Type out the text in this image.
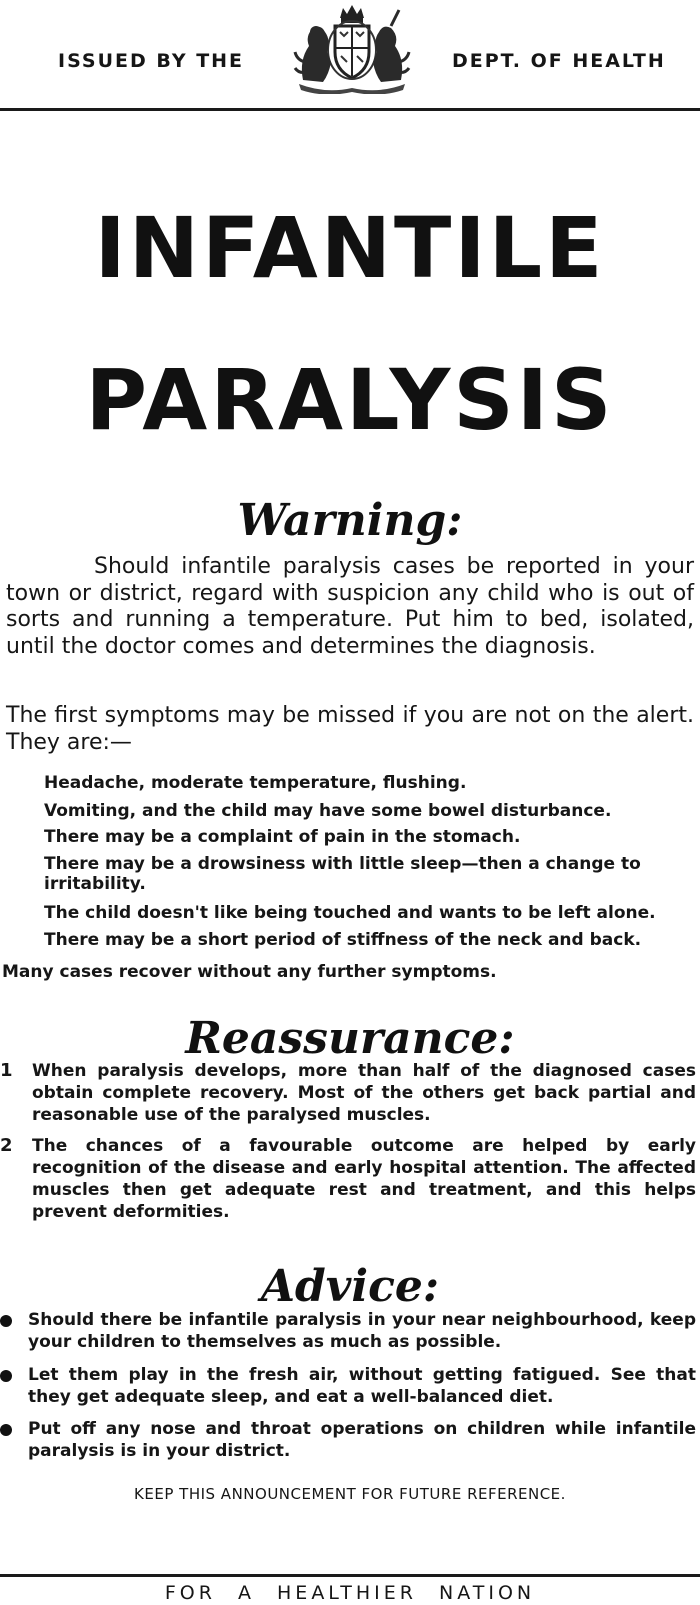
ISSUED BY THE	DEPT. OF HEALTH
INFANTILE
PARALYSIS
Warning:

Should infantile paralysis cases be reported in your town or district, regard with suspicion any child who is out of sorts and running a temperature. Put him to bed, isolated, until the doctor comes and determines the diagnosis.

The first symptoms may be missed if you are not on the alert. They are:—

Headache, moderate temperature, flushing.
Vomiting, and the child may have some bowel disturbance.
There may be a complaint of pain in the stomach.
There may be a drowsiness with little sleep—then a change to irritability.
The child doesn't like being touched and wants to be left alone.
There may be a short period of stiffness of the neck and back.
Many cases recover without any further symptoms.
Reassurance:
1	When paralysis develops, more than half of the diagnosed cases obtain complete recovery. Most of the others get back partial and reasonable use of the paralysed muscles.
2	The chances of a favourable outcome are helped by early recognition of the disease and early hospital attention. The affected muscles then get adequate rest and treatment, and this helps prevent deformities.
Advice:
Should there be infantile paralysis in your near neighbourhood, keep your children to themselves as much as possible.
Let them play in the fresh air, without getting fatigued. See that they get adequate sleep, and eat a well-balanced diet.
Put off any nose and throat operations on children while infantile paralysis is in your district.
KEEP THIS ANNOUNCEMENT FOR FUTURE REFERENCE.
FOR A HEALTHIER NATION
